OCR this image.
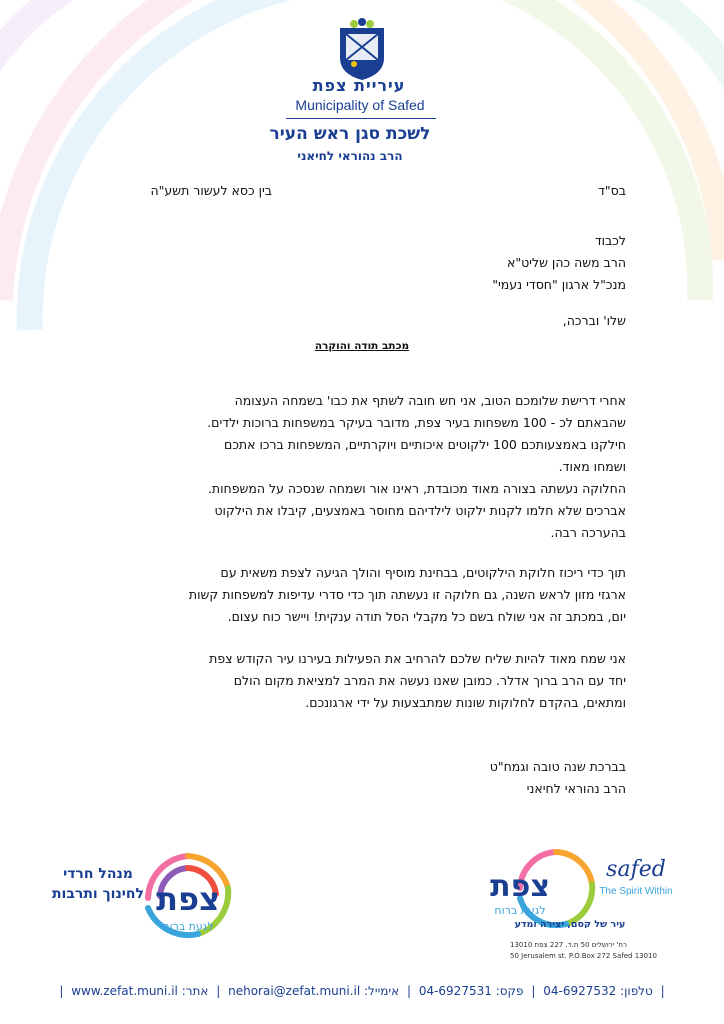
עיריית צפת
Municipality of Safed
לשכת סגן ראש העיר
הרב נהוראי לחיאני
בס"ד
בין כסא לעשור תשע"ה

לכבוד

הרב משה כהן שליט"א

מנכ"ל ארגון "חסדי נעמי"

שלו' וברכה,

מכתב תודה והוקרה

אחרי דרישת שלומכם הטוב, אני חש חובה לשתף את כבו' בשמחה העצומה

שהבאתם לכ - 100 משפחות בעיר צפת, מדובר בעיקר במשפחות ברוכות ילדים.

חילקנו באמצעותכם 100 ילקוטים איכותיים ויוקרתיים, המשפחות ברכו אתכם

ושמחו מאוד.

החלוקה נעשתה בצורה מאוד מכובדת, ראינו אור ושמחה שנסכה על המשפחות.

אברכים שלא חלמו לקנות ילקוט לילדיהם מחוסר באמצעים, קיבלו את הילקוט

בהערכה רבה.

תוך כדי ריכוז חלוקת הילקוטים, בבחינת מוסיף והולך הגיעה לצפת משאית עם

ארגזי מזון לראש השנה, גם חלוקה זו נעשתה תוך כדי סדרי עדיפות למשפחות קשות

יום, במכתב זה אני שולח בשם כל מקבלי הסל תודה ענקית! ויישר כוח עצום.

אני שמח מאוד להיות שליח שלכם להרחיב את הפעילות בעירנו עיר הקודש צפת

יחד עם הרב ברוך אדלר. כמובן שאנו נעשה את המרב למציאת מקום הולם

ומתאים, בהקדם לחלוקות שונות שמתבצעות על ידי ארגונכם.

בברכת שנה טובה וגמח"ט

הרב נהוראי לחיאני

צפת
לגעת ברוח
מנהל חרדי
לחינוך ותרבות	צפת
לגעת ברוח
safed
The Spirit Within
עיר של קסם, יצירה ומדע
רח' ירושלים 50 ת.ד. 227 צפת 13010
50 Jerusalem st. P.O.Box 272 Safed 13010
| טלפון: 04-6927532 | פקס: 04-6927531 | אימייל: nehorai@zefat.muni.il | אתר: www.zefat.muni.il |
